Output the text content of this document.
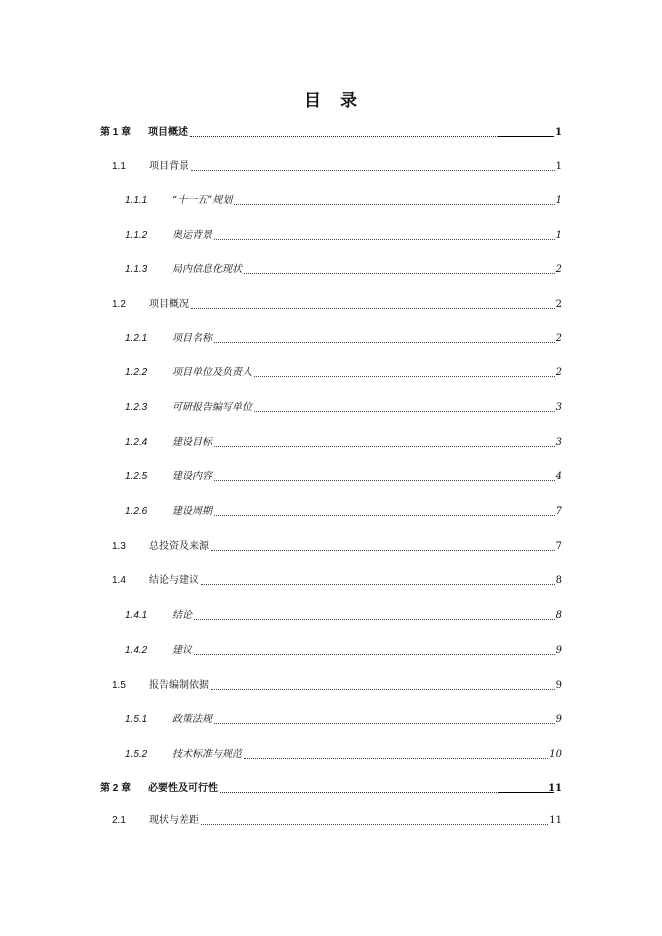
目　录
第 1 章	项目概述	1
1.1	项目背景	1
1.1.1	“十一五”规划	1
1.1.2	奥运背景	1
1.1.3	局内信息化现状	2
1.2	项目概况	2
1.2.1	项目名称	2
1.2.2	项目单位及负责人	2
1.2.3	可研报告编写单位	3
1.2.4	建设目标	3
1.2.5	建设内容	4
1.2.6	建设周期	7
1.3	总投资及来源	7
1.4	结论与建议	8
1.4.1	结论	8
1.4.2	建议	9
1.5	报告编制依据	9
1.5.1	政策法规	9
1.5.2	技术标准与规范	10
第 2 章	必要性及可行性	11
2.1	现状与差距	11
